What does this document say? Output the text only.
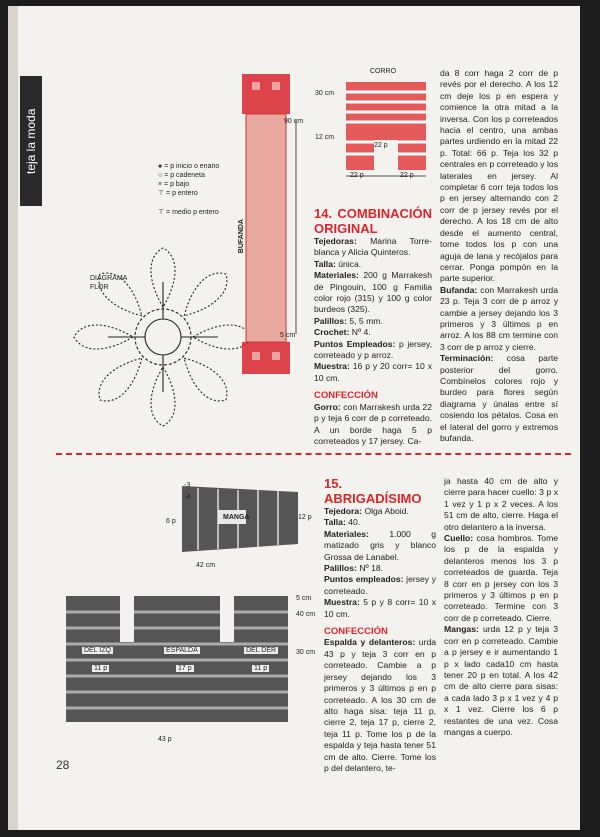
teja la moda	● = p inicio o enano
○ = p cadeneta
× = p bajo
⊤ = p entero
⊤ = medio p entero
DIAGRAMA FLOR
BUFANDA
90 cm
5 cm
CORRO
30 cm
12 cm
22 p
22 p
22 p
14. COMBINACIÓN ORIGINAL

Tejedoras: Marina Torre-blanca y Alicia Quinteros.

Talla: única.

Materiales: 200 g Marrakesh de Pingouin, 100 g Familia color rojo (315) y 100 g color burdeos (325).

Palillos: 5, 5 mm.

Crochet: Nº 4.

Puntos Empleados: p jersey, correteado y p arroz.

Muestra: 16 p y 20 corr= 10 x 10 cm.

CONFECCIÓN

Gorro: con Marrakesh urda 22 p y teja 6 corr de p correteado. A un borde haga 5 p correteados y 17 jersey. Ca-

da 8 corr haga 2 corr de p revés por el derecho. A los 12 cm deje los p en espera y comience la otra mitad a la inversa. Con los p correteados hacia el centro, una ambas partes urdiendo en la mitad 22 p. Total: 66 p. Teja los 32 p centrales en p correteado y los laterales en jersey. Al completar 6 corr teja todos los p en jersey alternando con 2 corr de p jersey revés por el derecho. A los 18 cm de alto desde el aumento central, tome todos los p con una aguja de lana y recójalos para cerrar. Ponga pompón en la parte superior.

Bufanda: con Marrakesh urda 23 p. Teja 3 corr de p arroz y cambie a jersey dejando los 3 primeros y 3 últimos p en arroz. A los 88 cm termine con 3 corr de p arroz y cierre.

Terminación: cosa parte posterior del gorro. Combínelos colores rojo y burdeo para flores según diagrama y únalas entre sí cosiendo los pétalos. Cosa en el lateral del gorro y extremos bufanda.

MANGA
-3
-4
6 p
12 p
42 cm
DEL IZQ	ESPALDA	DEL DER
11 p	17 p	11 p
43 p
5 cm
40 cm
30 cm
15. ABRIGADÍSIMO

Tejedora: Olga Aboid.

Talla: 40.

Materiales: 1.000 g matizado gris y blanco Grossa de Lanabel.

Palillos: Nº 18.

Puntos empleados: jersey y correteado.

Muestra: 5 p y 8 corr= 10 x 10 cm.

CONFECCIÓN

Espalda y delanteros: urda 43 p y teja 3 corr en p correteado. Cambie a p jersey dejando los 3 primeros y 3 últimos p en p correteado. A los 30 cm de alto haga sisa: teja 11 p, cierre 2, teja 17 p, cierre 2, teja 11 p. Tome los p de la espalda y teja hasta tener 51 cm de alto. Cierre. Tome los p del delantero, te-

ja hasta 40 cm de alto y cierre para hacer cuello: 3 p x 1 vez y 1 p x 2 veces. A los 51 cm de alto, cierre. Haga el otro delantero a la inversa.

Cuello: cosa hombros. Tome los p de la espalda y delanteros menos los 3 p correteados de guarda. Teja 8 corr en p jersey con los 3 primeros y 3 últimos p en p correteado. Termine con 3 corr de p correteado. Cierre.

Mangas: urda 12 p y teja 3 corr en p correteado. Cambie a p jersey e ir aumentando 1 p x lado cada10 cm hasta tener 20 p en total. A los 42 cm de alto cierre para sisas: a cada lado 3 p x 1 vez y 4 p x 1 vez. Cierre los 6 p restantes de una vez. Cosa mangas a cuerpo.

28
